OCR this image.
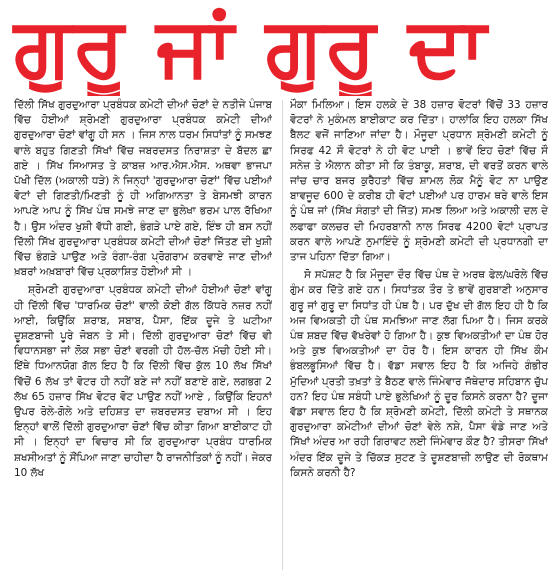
ਗੁਰੂ ਜਾਂ ਗੁਰੂ ਦਾ

ਦਿੱਲੀ ਸਿੱਖ ਗੁਰਦੁਆਰਾ ਪ੍ਰਬੰਧਕ ਕਮੇਟੀ ਦੀਆਂ ਚੋਣਾਂ ਦੇ ਨਤੀਜੇ ਪੰਜਾਬ ਵਿੱਚ ਹੋਈਆਂ ਸ਼੍ਰੋਮਣੀ ਗੁਰਦੁਆਰਾ ਪ੍ਰਬੰਧਕ ਕਮੇਟੀ ਦੀਆਂ ਗੁਰਦੁਆਰਾ ਚੋਣਾਂ ਵਾਂਗੂ ਹੀ ਸਨ । ਜਿਸ ਨਾਲ ਧਰਮ ਸਿਧਾਂਤਾਂ ਨੂੰ ਸਮਝਣ ਵਾਲੇ ਬਹੁਤ ਗਿਣਤੀ ਸਿੱਖਾਂ ਵਿੱਚ ਜਬਰਦਸਤ ਨਿਰਾਸ਼ਤਾ ਦੇ ਬੱਦਲ ਛਾ ਗਏ । ਸਿੱਖ ਸਿਆਸਤ ਤੇ ਕਾਬਜ਼ ਆਰ.ਐਸ.ਐਸ. ਅਥਵਾ ਭਾਜਪਾ ਪੱਖੀ ਦਿੱਲ (ਅਕਾਲੀ ਧੜੇ) ਨੇ ਜਿਨ੍ਹਾਂ 'ਗੁਰਦੁਆਰਾ ਚੋਣਾਂ' ਵਿੱਚ ਪਈਆਂ ਵੋਟਾਂ ਦੀ ਗਿਣਤੀ/ਮਿਣਤੀ ਨੂੰ ਹੀ ਅਗਿਆਨਤਾ ਤੇ ਬੇਸਮਝੀ ਕਾਰਨ ਆਪਣੇ ਆਪ ਨੂੰ ਸਿੱਖ ਪੰਥ ਸਮਝੇ ਜਾਣ ਦਾ ਭੁਲੇਖਾ ਭਰਮ ਪਾਲ ਰੱਖਿਆ ਹੈ। ਉਸ ਅੰਦਰ ਖੁਸ਼ੀ ਵੱਧੀ ਗਈ, ਭੰਗੜੇ ਪਾਏ ਗਏ, ਇੰਝ ਹੀ ਬਸ ਨਹੀਂ ਦਿੱਲੀ ਸਿੱਖ ਗੁਰਦੁਆਰਾ ਪ੍ਰਬੰਧਕ ਕਮੇਟੀ ਦੀਆਂ ਚੋਣਾਂ ਜਿੱਤਣ ਦੀ ਖੁਸ਼ੀ ਵਿੱਚ ਭੰਗੜੇ ਪਾਉਣ ਅਤੇ ਰੰਗਾ-ਰੰਗ ਪ੍ਰੋਗਰਾਮ ਕਰਵਾਏ ਜਾਣ ਦੀਆਂ ਖ਼ਬਰਾਂ ਅਖ਼ਬਾਰਾਂ ਵਿੱਚ ਪ੍ਰਕਾਸ਼ਿਤ ਹੋਈਆਂ ਸੀ ।

ਸ਼੍ਰੋਮਣੀ ਗੁਰਦੁਆਰਾ ਪ੍ਰਬੰਧਕ ਕਮੇਟੀ ਦੀਆਂ ਹੋਈਆਂ ਚੋਣਾਂ ਵਾਂਗੂ ਹੀ ਦਿੱਲੀ ਵਿੱਚ 'ਧਾਰਮਿਕ ਚੋਣਾਂ' ਵਾਲੀ ਕੋਈ ਗੱਲ ਕਿੱਧਰੇ ਨਜ਼ਰ ਨਹੀਂ ਆਈ, ਕਿਉਂਕਿ ਸ਼ਰਾਬ, ਸਬਾਬ, ਪੈਸਾ, ਇੱਕ ਦੂਜੇ ਤੇ ਘਟੀਆ ਦੂਸ਼ਣਬਾਜੀ ਪੂਰੇ ਜੋਬਨ ਤੇ ਸੀ। ਦਿੱਲੀ ਗੁਰਦੁਆਰਾ ਚੋਣਾਂ ਵਿੱਚ ਵੀ ਵਿਧਾਨਸਭਾ ਜਾਂ ਲੋਕ ਸਭਾ ਚੋਣਾਂ ਵਰਗੀ ਹੀ ਹੱਲ-ਚੱਲ ਮੱਚੀ ਹੋਈ ਸੀ। ਇੱਥੇ ਧਿਆਨਯੋਗ ਗੱਲ ਇਹ ਹੈ ਕਿ ਦਿੱਲੀ ਵਿੱਚ ਕੁੱਲ 10 ਲੱਖ ਸਿੱਖਾਂ ਵਿੱਚੋਂ 6 ਲੱਖ ਤਾਂ ਵੋਟਰ ਹੀ ਨਹੀਂ ਬਣੇ ਜਾਂ ਨਹੀਂ ਬਣਾਏ ਗਏ, ਲਗਭਗ 2 ਲੱਖ 65 ਹਜ਼ਾਰ ਸਿੱਖ ਵੋਟਰ ਵੋਟ ਪਾਉਣ ਨਹੀਂ ਆਏ , ਕਿਉਂਕਿ ਇਹਨਾਂ ਉਪਰ ਰੋਲੇ-ਗੋਲੇ ਅਤੇ ਦਹਿਸ਼ਤ ਦਾ ਜ਼ਬਰਦਸਤ ਦਬਾਅ ਸੀ । ਇਹ ਇਨ੍ਹਾਂ ਵਾਲੋਂ ਦਿੱਲੀ ਗੁਰਦੁਆਰਾ ਚੋਣਾਂ ਵਿੱਚ ਕੀਤਾ ਗਿਆ ਬਾਈਕਾਟ ਹੀ ਸੀ । ਇਨ੍ਹਾਂ ਦਾ ਵਿਚਾਰ ਸੀ ਕਿ ਗੁਰਦੁਆਰਾ ਪ੍ਰਬੰਧ ਧਾਰਮਿਕ ਸ਼ਖਸੀਅਤਾਂ ਨੂੰ ਸੌਂਪਿਆ ਜਾਣਾ ਚਾਹੀਦਾ ਹੈ ਰਾਜਨੀਤਿਕਾਂ ਨੂੰ ਨਹੀਂ। ਜੇਕਰ 10 ਲੱਖ

ਮੌਕਾ ਮਿਲਿਆ। ਇਸ ਹਲਕੇ ਦੇ 38 ਹਜ਼ਾਰ ਵੋਟਰਾਂ ਵਿੱਚੋਂ 33 ਹਜ਼ਾਰ ਵੋਟਰਾਂ ਨੇ ਮੁਕੰਮਲ ਬਾਈਕਾਟ ਕਰ ਦਿੱਤਾ। ਹਾਲਾਂਕਿ ਇਹ ਹਲਕਾ ਸਿੱਖ ਬੈਲਟ ਵਜੋਂ ਜਾਣਿਆ ਜਾਂਦਾ ਹੈ। ਮੌਜੂਦਾ ਪ੍ਰਧਾਨ ਸ਼੍ਰੋਮਣੀ ਕਮੇਟੀ ਨੂੰ ਸਿਰਫ 42 ਸੌ ਵੋਟਰਾਂ ਨੇ ਹੀ ਵੋਟ ਪਾਈ । ਭਾਵੇਂ ਇਹ ਚੋਣਾਂ ਵਿੱਚ ਸੌ ਸਨੇਜ਼ ਤੇ ਐਲਾਨ ਕੀਤਾ ਸੀ ਕਿ ਤੰਬਾਕੂ, ਸ਼ਰਾਬ, ਦੀ ਵਰਤੋਂ ਕਰਨ ਵਾਲੇ ਜਾਂਚ ਚਾਰ ਬਜਰ ਕੁਰੈਹਤਾਂ ਵਿੱਚ ਸ਼ਾਮਲ ਲੋਕ ਮੈਨੂੰ ਵੋਟ ਨਾ ਪਾਉਣ ਬਾਵਜੂਦ 600 ਦੇ ਕਰੀਬ ਹੀ ਵੋਟਾਂ ਪਈਆਂ ਪਰ ਹਾਰਮ ਥਰੇ ਵਾਲੇ ਇਸ ਨੂੰ ਪੰਥ ਜਾਂ (ਸਿੱਖ ਸੰਗਤਾਂ ਦੀ ਜਿੱਤ) ਸਮਝ ਲਿਆ ਅਤੇ ਅਕਾਲੀ ਦਲ ਦੇ ਲਫਾਫਾ ਕਲਚਰ ਦੀ ਮਿਹਰਬਾਨੀ ਨਾਲ ਸਿਰਫ 4200 ਵੋਟਾਂ ਪ੍ਰਾਪਤ ਕਰਨ ਵਾਲੇ ਆਪਣੇ ਨੁਮਾਇੰਦੇ ਨੂੰ ਸ਼੍ਰੋਮਣੀ ਕਮੇਟੀ ਦੀ ਪ੍ਰਧਾਨਗੀ ਦਾ ਤਾਜ ਪਹਿਨਾ ਦਿੱਤਾ ਗਿਆ।

ਸੋ ਸਪੱਸ਼ਟ ਹੈ ਕਿ ਮੌਜੂਦਾ ਦੌਰ ਵਿੱਚ ਪੰਥ ਦੇ ਅਰਥ ਫੇਲ/ਘਰੋਲੇ ਵਿੱਚ ਗੁੰਮ ਕਰ ਦਿੱਤੇ ਗਏ ਹਨ। ਸਿਧਾਂਤਕ ਤੌਰ ਤੇ ਭਾਵੇਂ ਗੁਰਬਾਣੀ ਅਨੁਸਾਰ ਗੁਰੂ ਜਾਂ ਗੁਰੂ ਦਾ ਸਿਧਾਂਤ ਹੀ ਪੰਥ ਹੈ। ਪਰ ਦੁੱਖ ਦੀ ਗੱਲ ਇਹ ਹੀ ਹੈ ਕਿ ਅਜ ਵਿਅਕਤੀ ਹੀ ਪੰਥ ਸਮਝਿਆ ਜਾਣ ਲੱਗ ਪਿਆ ਹੈ। ਜਿਸ ਕਰਕੇ ਪੰਥ ਸ਼ਬਦ ਵਿੱਚ ਵੱਖਰੇਵਾਂ ਹੋ ਗਿਆ ਹੈ। ਕੁਝ ਵਿਅਕਤੀਆਂ ਦਾ ਪੰਥ ਹੋਰ ਅਤੇ ਕੁਝ ਵਿਅਕਤੀਆਂ ਦਾ ਹੋਰ ਹੈ। ਇਸ ਕਾਰਨ ਹੀ ਸਿੱਖ ਕੌਮ ਭੰਬਲਭੂਸਿਆਂ ਵਿੱਚ ਹੈ। ਵੱਡਾ ਸਵਾਲ ਇਹ ਹੈ ਕਿ ਅਜਿਹੇ ਗੰਭੀਰ ਮੁੱਦਿਆਂ ਪ੍ਰਤੀ ਤਖ਼ਤਾਂ ਤੇ ਬੈਠਣ ਵਾਲੇ ਜਿੰਮੇਵਾਰ ਜੱਥੇਦਾਰ ਸਹਿਬਾਨ ਚੁੱਪ ਹਨ? ਇਹ ਪੰਥ ਸਬੰਧੀ ਪਾਏ ਭੁਲੇਖਿਆਂ ਨੂੰ ਦੂਰ ਕਿਸਨੇ ਕਰਨਾ ਹੈ? ਦੂਜਾ ਵੱਡਾ ਸਵਾਲ ਇਹ ਹੈ ਕਿ ਸ਼੍ਰੋਮਣੀ ਕਮੇਟੀ, ਦਿੱਲੀ ਕਮੇਟੀ ਤੇ ਸਥਾਨਕ ਗੁਰਦੁਆਰਾ ਕਮੇਟੀਆਂ ਦੀਆਂ ਚੋਣਾਂ ਵੇਲੇ ਨਸ਼ੇ, ਪੈਸਾ ਵੰਡੇ ਜਾਣ ਅਤੇ ਸਿੱਖਾਂ ਅੰਦਰ ਆ ਰਹੀ ਗਿਰਾਵਟ ਲਈ ਜਿੰਮੇਵਾਰ ਕੌਣ ਹੈ? ਤੀਸਰਾ ਸਿੱਖਾਂ ਅੰਦਰ ਇੱਕ ਦੂਜੇ ਤੇ ਚਿੱਕੜ ਸੁਟਣ ਤੇ ਦੂਸ਼ਣਬਾਜ਼ੀ ਲਾਉਣ ਦੀ ਰੋਕਥਾਮ ਕਿਸਨੇ ਕਰਨੀ ਹੈ?
